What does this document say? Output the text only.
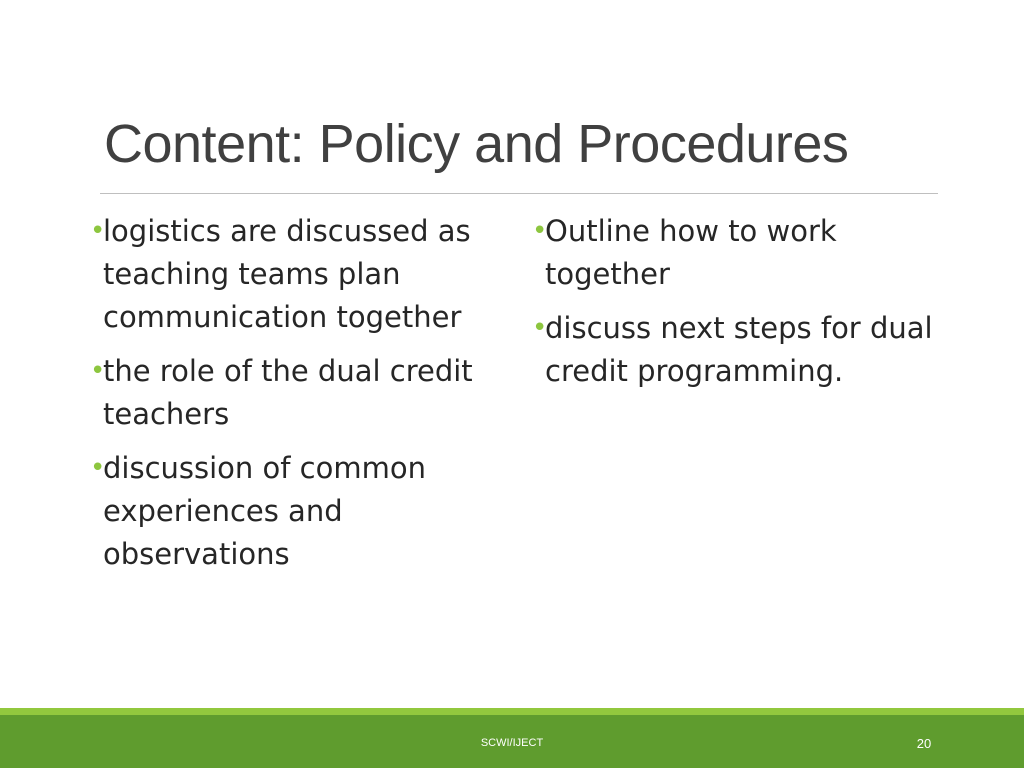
Content: Policy and Procedures
•
logistics are discussed as teaching teams plan communication together
•
the role of the dual credit teachers
•
discussion of common experiences and observations
•
Outline how to work together
•
discuss next steps for dual credit programming.
SCWI/IJECT	20
